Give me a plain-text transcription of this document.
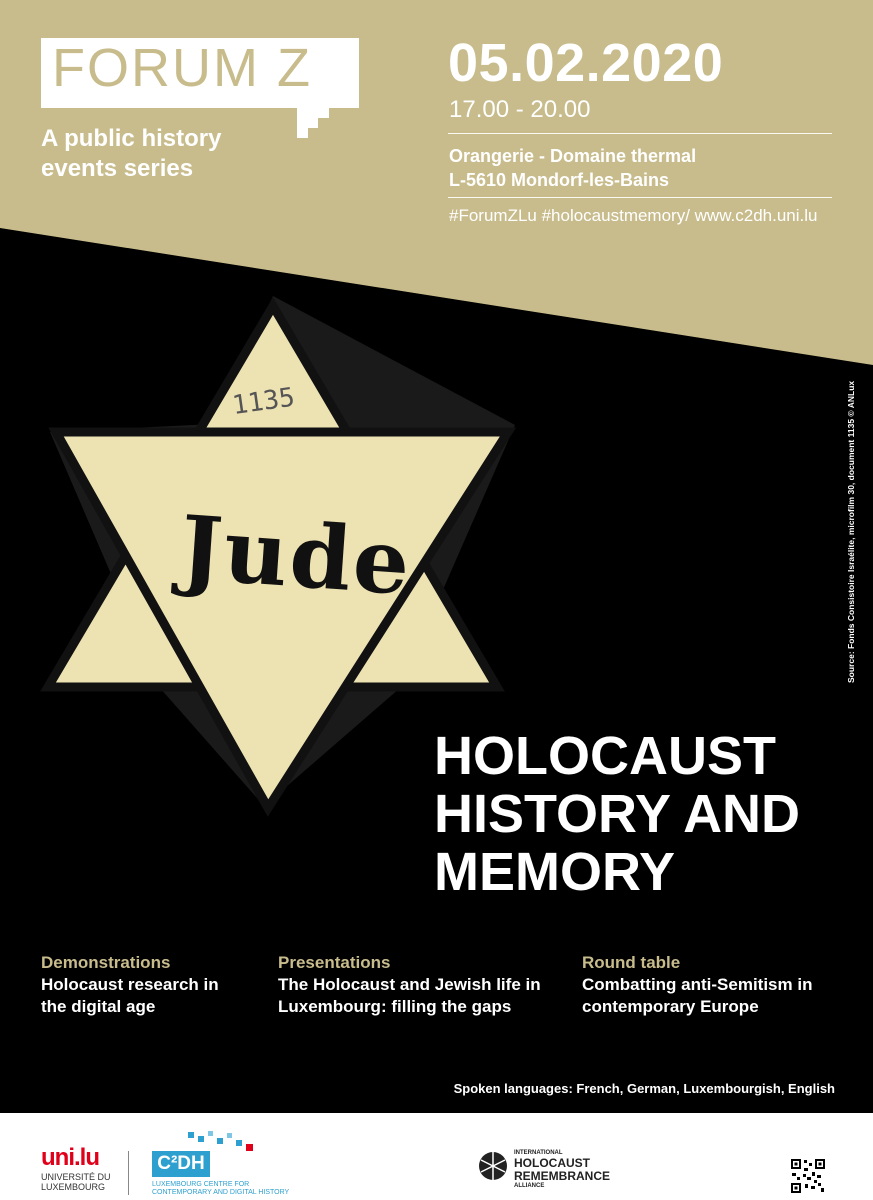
FORUM Z
A public history
events series
05.02.2020
17.00 - 20.00
Orangerie - Domaine thermal
L-5610 Mondorf-les-Bains
#ForumZLu #holocaustmemory/ www.c2dh.uni.lu
1135
Jude	Source: Fonds Consistoire Israélite, microfilm 30, document 1135 © ANLux
HOLOCAUST
HISTORY AND
MEMORY
Demonstrations
Holocaust research in
the digital age
Presentations
The Holocaust and Jewish life in
Luxembourg: filling the gaps
Round table
Combatting anti-Semitism in
contemporary Europe
Spoken languages: French, German, Luxembourgish, English
uni.lu
UNIVERSITÉ DU
LUXEMBOURG
C²DH
LUXEMBOURG CENTRE FOR
CONTEMPORARY AND DIGITAL HISTORY
INTERNATIONAL
HOLOCAUST
REMEMBRANCE
ALLIANCE
